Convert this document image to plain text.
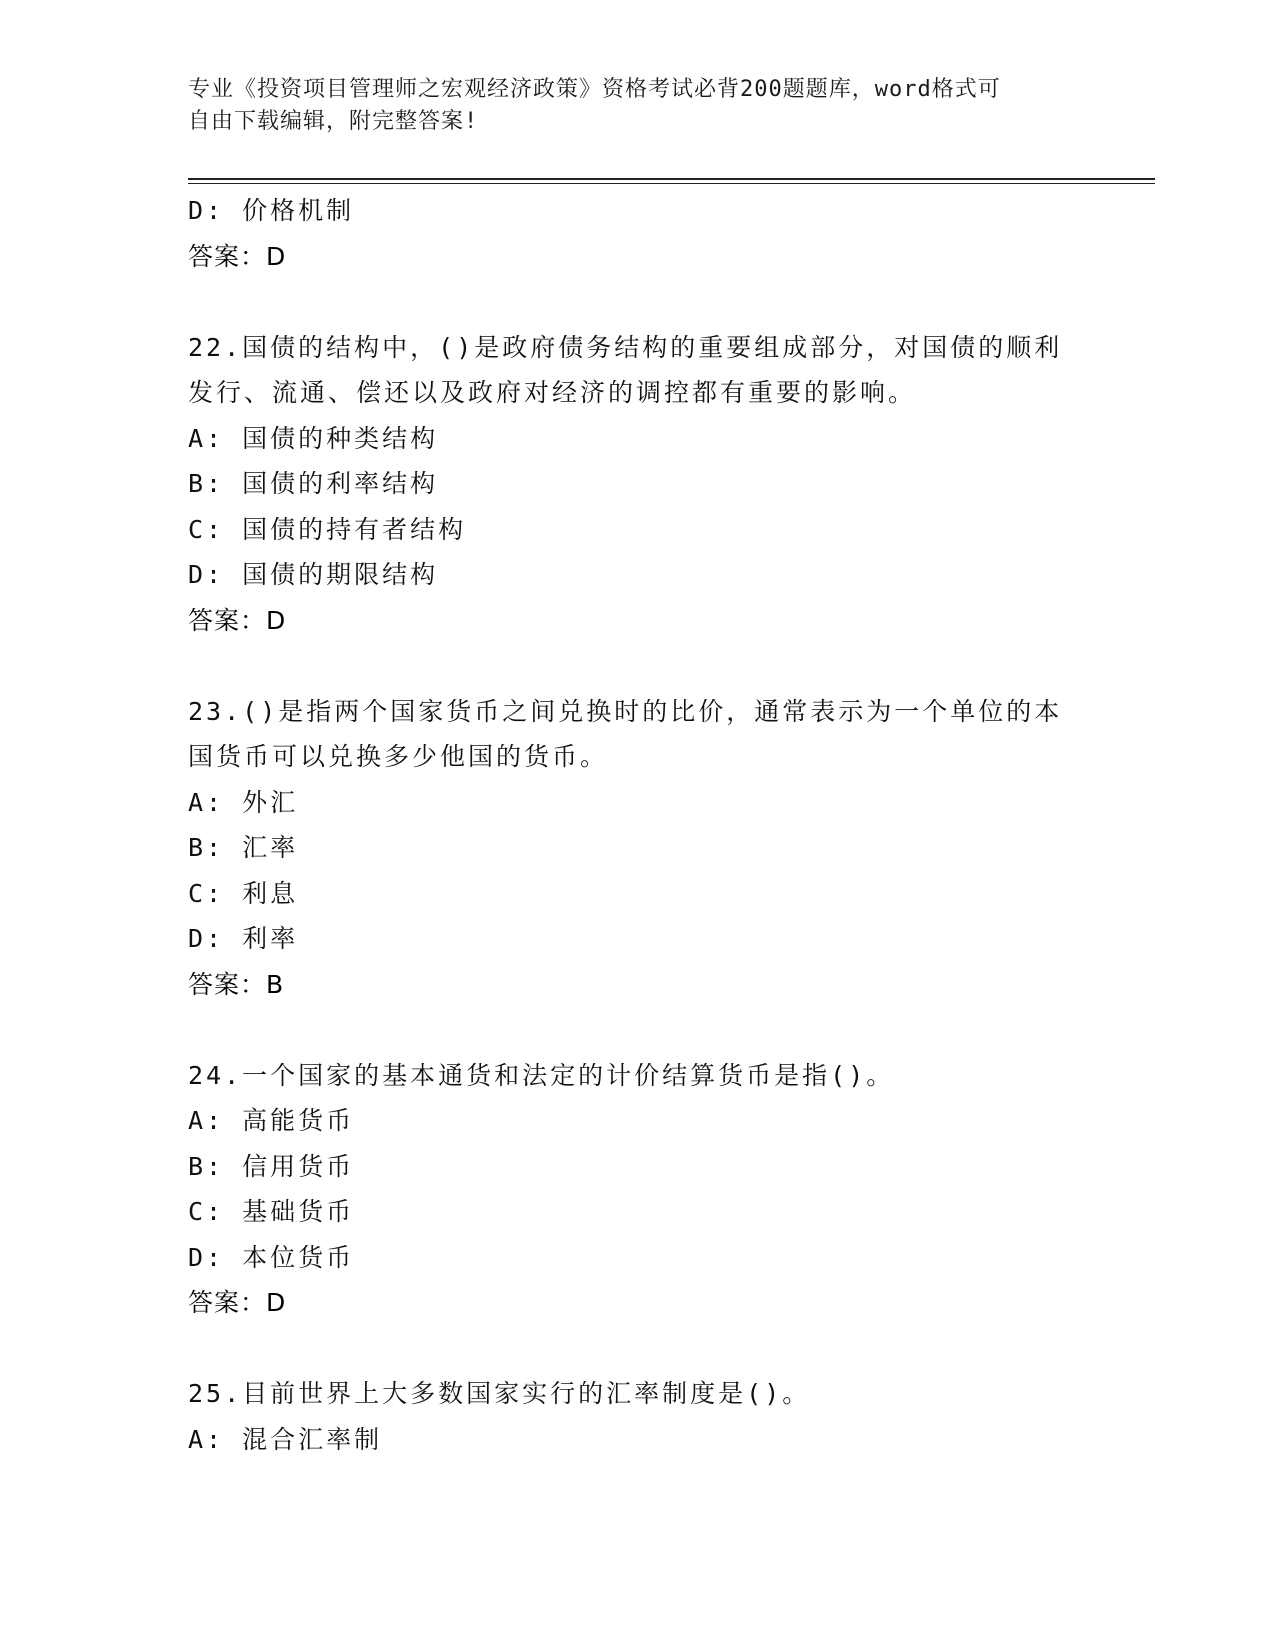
专业《投资项目管理师之宏观经济政策》资格考试必背200题题库，word格式可
自由下载编辑，附完整答案!
D: 价格机制
答案：D
22.国债的结构中，()是政府债务结构的重要组成部分，对国债的顺利
发行、流通、偿还以及政府对经济的调控都有重要的影响。
A: 国债的种类结构
B: 国债的利率结构
C: 国债的持有者结构
D: 国债的期限结构
答案：D
23.()是指两个国家货币之间兑换时的比价，通常表示为一个单位的本
国货币可以兑换多少他国的货币。
A: 外汇
B: 汇率
C: 利息
D: 利率
答案：B
24.一个国家的基本通货和法定的计价结算货币是指()。
A: 高能货币
B: 信用货币
C: 基础货币
D: 本位货币
答案：D
25.目前世界上大多数国家实行的汇率制度是()。
A: 混合汇率制
